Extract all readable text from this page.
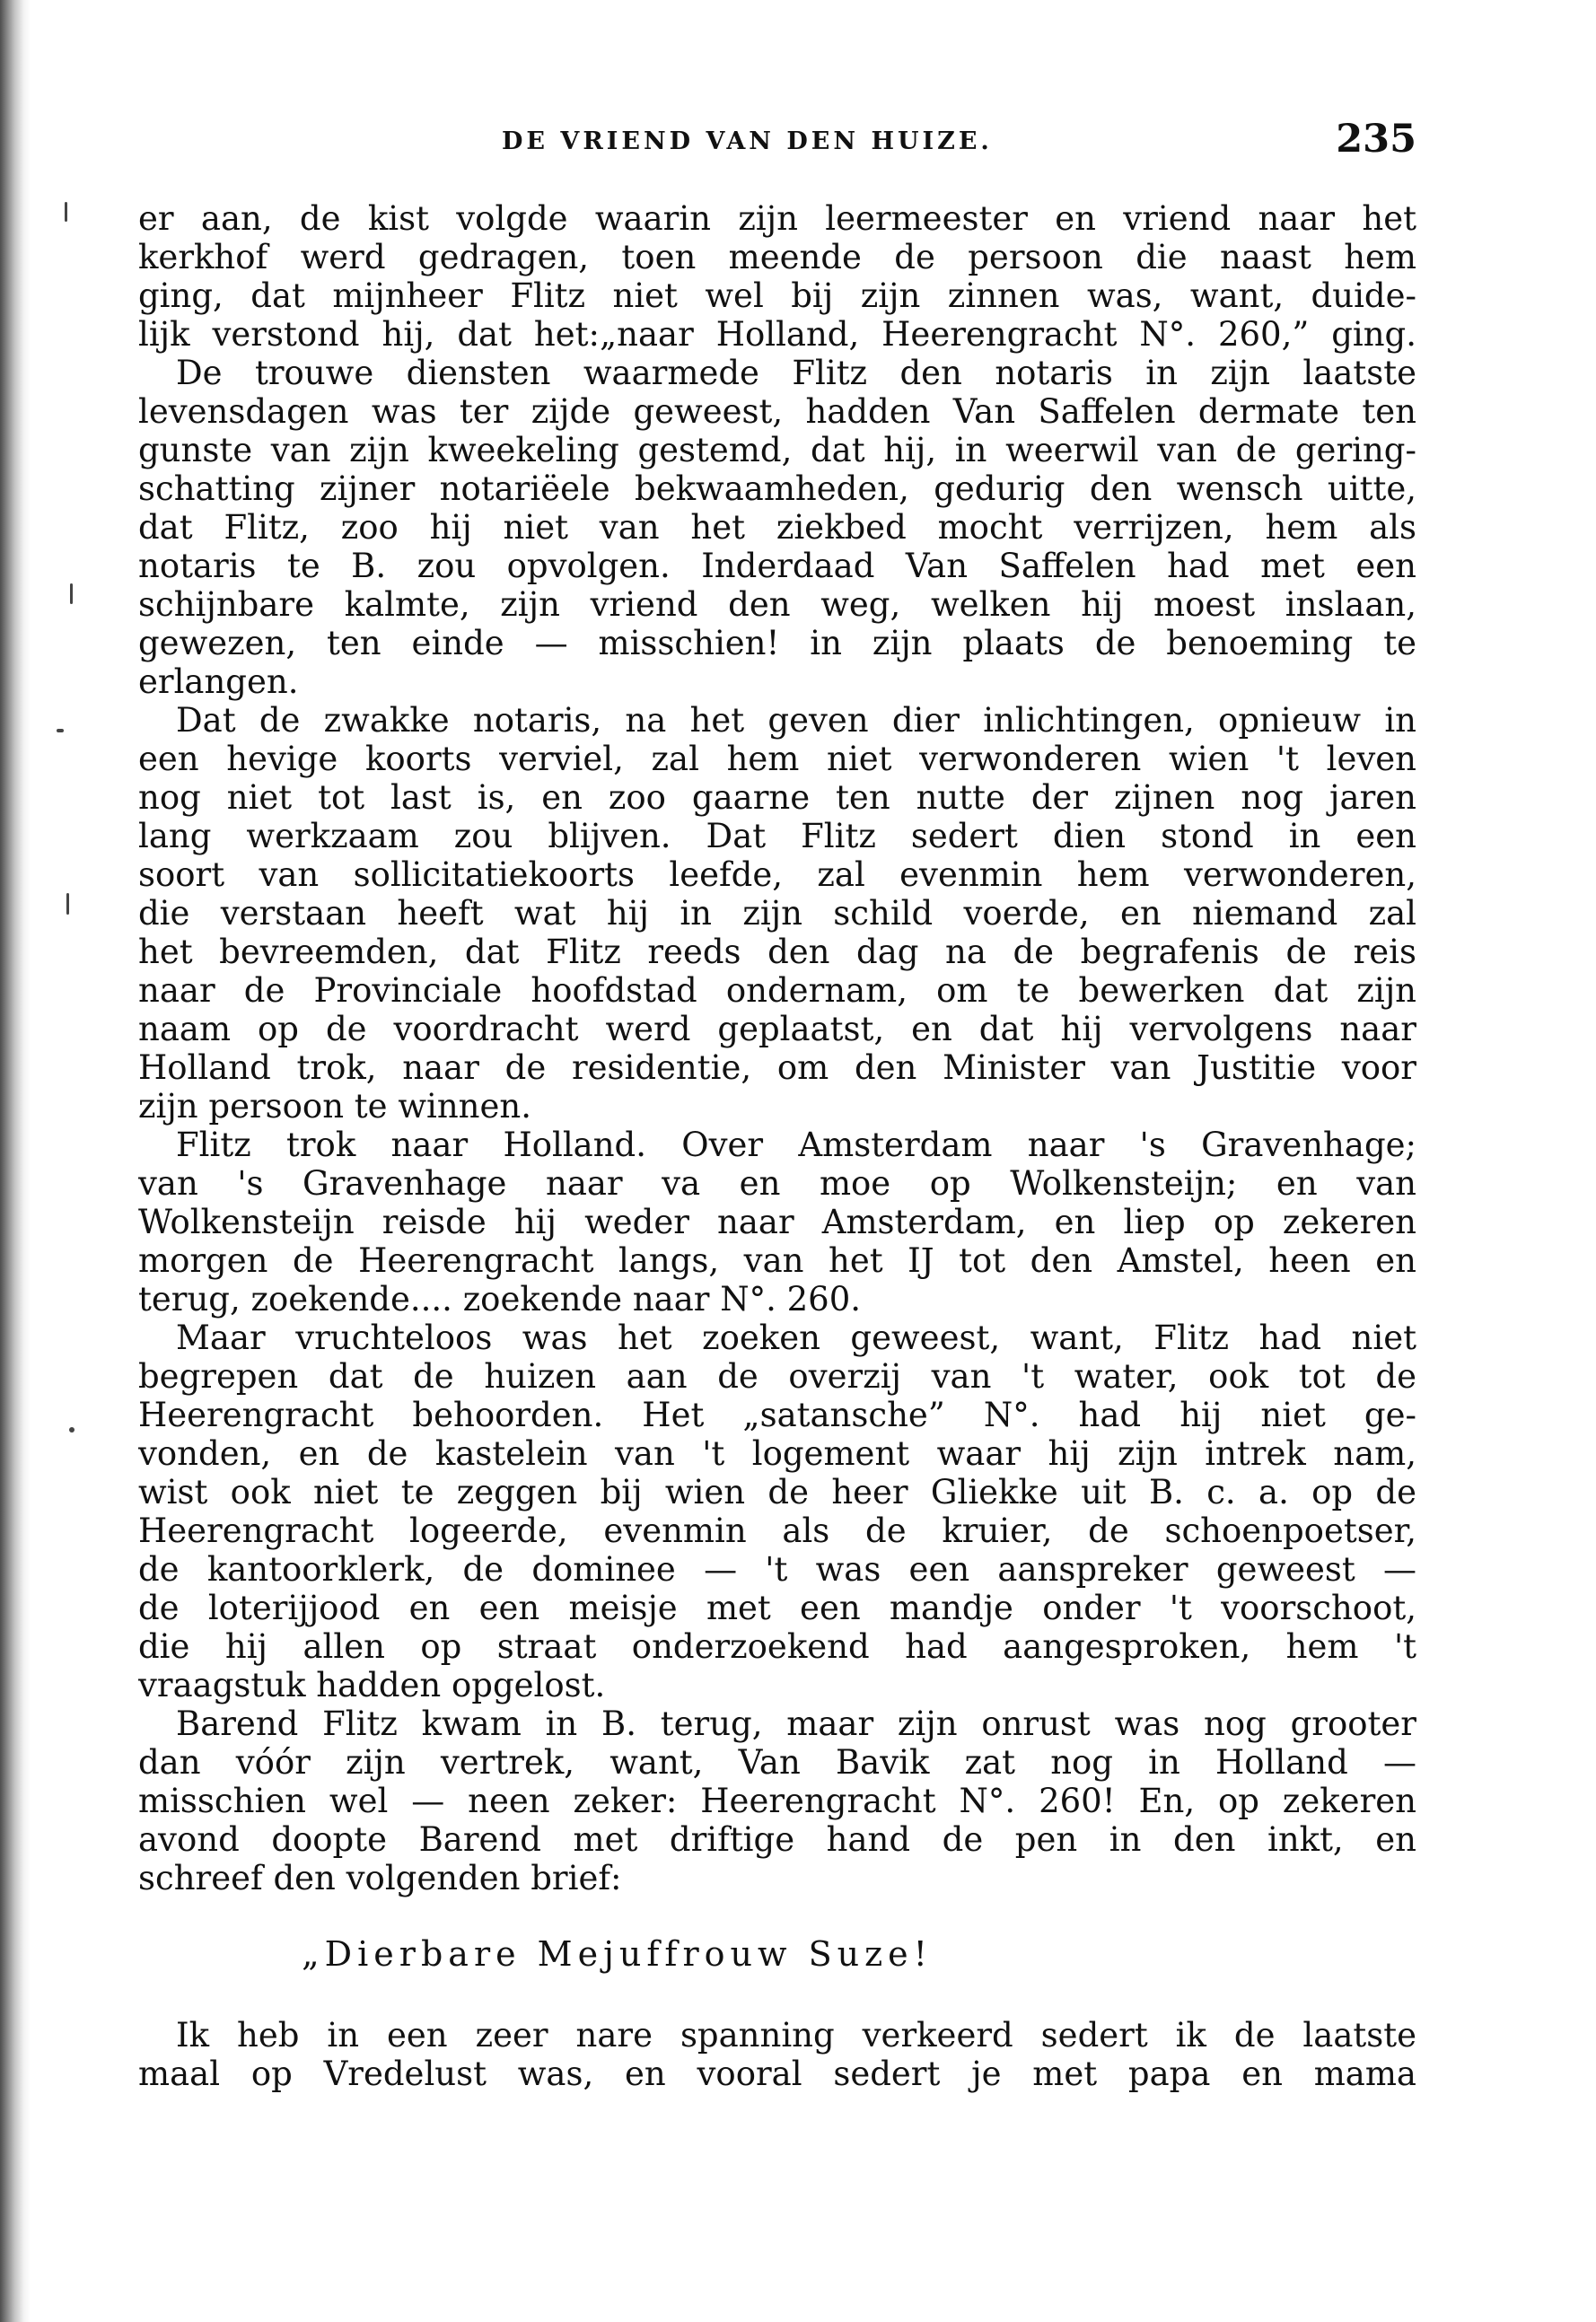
DE VRIEND VAN DEN HUIZE.	235
er aan, de kist volgde waarin zijn leermeester en vriend naar het
kerkhof werd gedragen, toen meende de persoon die naast hem
ging, dat mijnheer Flitz niet wel bij zijn zinnen was, want, duide-
lijk verstond hij, dat het:„naar Holland, Heerengracht N°. 260,” ging.
De trouwe diensten waarmede Flitz den notaris in zijn laatste
levensdagen was ter zijde geweest, hadden Van Saffelen dermate ten
gunste van zijn kweekeling gestemd, dat hij, in weerwil van de gering-
schatting zijner notariëele bekwaamheden, gedurig den wensch uitte,
dat Flitz, zoo hij niet van het ziekbed mocht verrijzen, hem als
notaris te B. zou opvolgen. Inderdaad Van Saffelen had met een
schijnbare kalmte, zijn vriend den weg, welken hij moest inslaan,
gewezen, ten einde — misschien! in zijn plaats de benoeming te
erlangen.
Dat de zwakke notaris, na het geven dier inlichtingen, opnieuw in
een hevige koorts verviel, zal hem niet verwonderen wien 't leven
nog niet tot last is, en zoo gaarne ten nutte der zijnen nog jaren
lang werkzaam zou blijven. Dat Flitz sedert dien stond in een
soort van sollicitatiekoorts leefde, zal evenmin hem verwonderen,
die verstaan heeft wat hij in zijn schild voerde, en niemand zal
het bevreemden, dat Flitz reeds den dag na de begrafenis de reis
naar de Provinciale hoofdstad ondernam, om te bewerken dat zijn
naam op de voordracht werd geplaatst, en dat hij vervolgens naar
Holland trok, naar de residentie, om den Minister van Justitie voor
zijn persoon te winnen.
Flitz trok naar Holland. Over Amsterdam naar 's Gravenhage;
van 's Gravenhage naar va en moe op Wolkensteijn; en van
Wolkensteijn reisde hij weder naar Amsterdam, en liep op zekeren
morgen de Heerengracht langs, van het IJ tot den Amstel, heen en
terug, zoekende.... zoekende naar N°. 260.
Maar vruchteloos was het zoeken geweest, want, Flitz had niet
begrepen dat de huizen aan de overzij van 't water, ook tot de
Heerengracht behoorden. Het „satansche” N°. had hij niet ge-
vonden, en de kastelein van 't logement waar hij zijn intrek nam,
wist ook niet te zeggen bij wien de heer Gliekke uit B. c. a. op de
Heerengracht logeerde, evenmin als de kruier, de schoenpoetser,
de kantoorklerk, de dominee — 't was een aanspreker geweest —
de loterijjood en een meisje met een mandje onder 't voorschoot,
die hij allen op straat onderzoekend had aangesproken, hem 't
vraagstuk hadden opgelost.
Barend Flitz kwam in B. terug, maar zijn onrust was nog grooter
dan vóór zijn vertrek, want, Van Bavik zat nog in Holland —
misschien wel — neen zeker: Heerengracht N°. 260! En, op zekeren
avond doopte Barend met driftige hand de pen in den inkt, en
schreef den volgenden brief:
„Dierbare Mejuffrouw Suze!
Ik heb in een zeer nare spanning verkeerd sedert ik de laatste
maal op Vredelust was, en vooral sedert je met papa en mama
